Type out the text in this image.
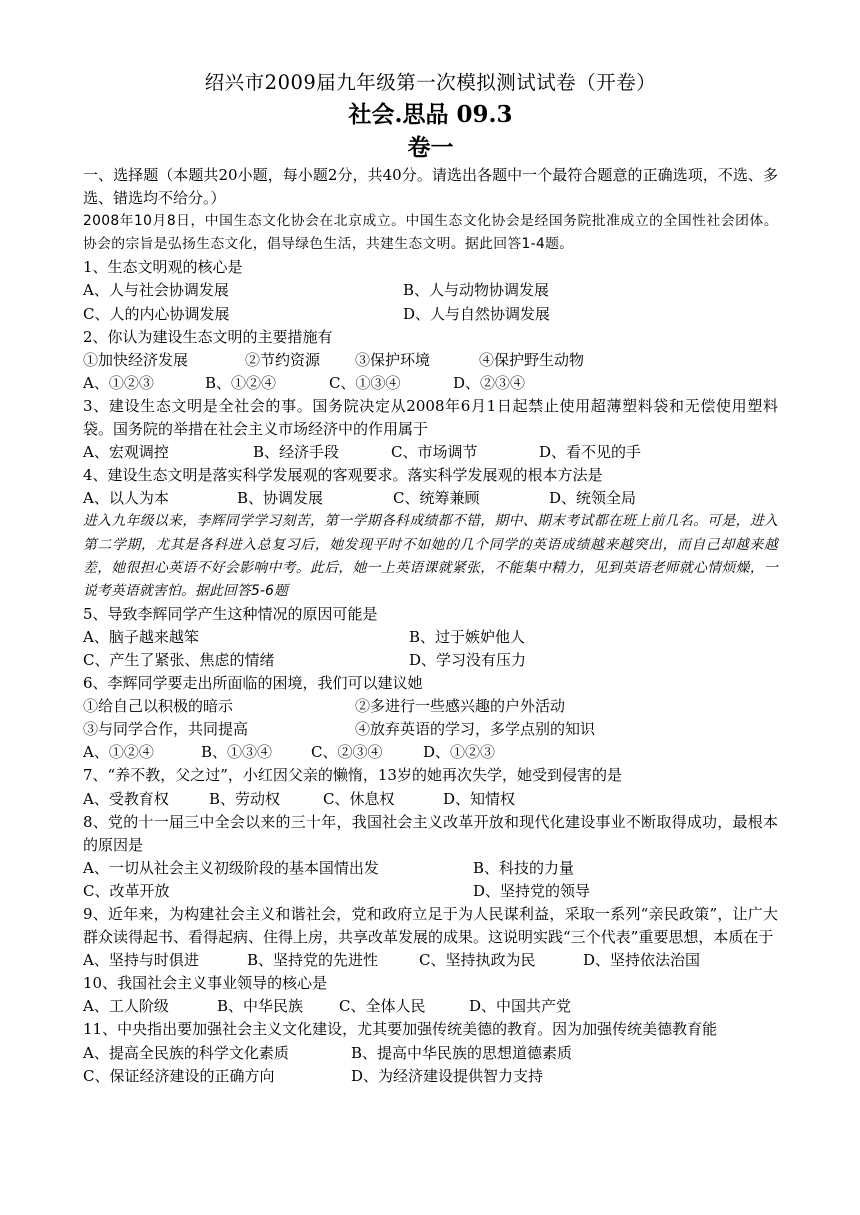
绍兴市2009届九年级第一次模拟测试试卷（开卷）
社会.思品 09.3
卷一

一、选择题（本题共20小题，每小题2分，共40分。请选出各题中一个最符合题意的正确选项，不选、多选、错选均不给分。）

2008年10月8日，中国生态文化协会在北京成立。中国生态文化协会是经国务院批准成立的全国性社会团体。协会的宗旨是弘扬生态文化，倡导绿色生活，共建生态文明。据此回答1-4题。

1、生态文明观的核心是

A、人与社会协调发展	B、人与动物协调发展
C、人的内心协调发展	D、人与自然协调发展

2、你认为建设生态文明的主要措施有

①加快经济发展	②节约资源	③保护环境	④保护野生动物
A、①②③	B、①②④	C、①③④	D、②③④

3、建设生态文明是全社会的事。国务院决定从2008年6月1日起禁止使用超薄塑料袋和无偿使用塑料袋。国务院的举措在社会主义市场经济中的作用属于

A、宏观调控	B、经济手段	C、市场调节	D、看不见的手

4、建设生态文明是落实科学发展观的客观要求。落实科学发展观的根本方法是

A、以人为本	B、协调发展	C、统筹兼顾	D、统领全局

进入九年级以来，李辉同学学习刻苦，第一学期各科成绩都不错，期中、期末考试都在班上前几名。可是，进入第二学期，尤其是各科进入总复习后，她发现平时不如她的几个同学的英语成绩越来越突出，而自己却越来越差，她很担心英语不好会影响中考。此后，她一上英语课就紧张，不能集中精力，见到英语老师就心情烦燥，一说考英语就害怕。据此回答5-6题

5、导致李辉同学产生这种情况的原因可能是

A、脑子越来越笨	B、过于嫉妒他人
C、产生了紧张、焦虑的情绪	D、学习没有压力

6、李辉同学要走出所面临的困境，我们可以建议她

①给自己以积极的暗示	②多进行一些感兴趣的户外活动
③与同学合作，共同提高	④放弃英语的学习，多学点别的知识
A、①②④	B、①③④	C、②③④	D、①②③

7、“养不教，父之过”，小红因父亲的懒惰，13岁的她再次失学，她受到侵害的是

A、受教育权	B、劳动权	C、休息权	D、知情权

8、党的十一届三中全会以来的三十年，我国社会主义改革开放和现代化建设事业不断取得成功，最根本的原因是

A、一切从社会主义初级阶段的基本国情出发	B、科技的力量
C、改革开放	D、坚持党的领导

9、近年来，为构建社会主义和谐社会，党和政府立足于为人民谋利益，采取一系列“亲民政策”，让广大群众读得起书、看得起病、住得上房，共享改革发展的成果。这说明实践“三个代表”重要思想，本质在于

A、坚持与时俱进	B、坚持党的先进性	C、坚持执政为民	D、坚持依法治国

10、我国社会主义事业领导的核心是

A、工人阶级	B、中华民族	C、全体人民	D、中国共产党

11、中央指出要加强社会主义文化建设，尤其要加强传统美德的教育。因为加强传统美德教育能

A、提高全民族的科学文化素质	B、提高中华民族的思想道德素质
C、保证经济建设的正确方向	D、为经济建设提供智力支持
